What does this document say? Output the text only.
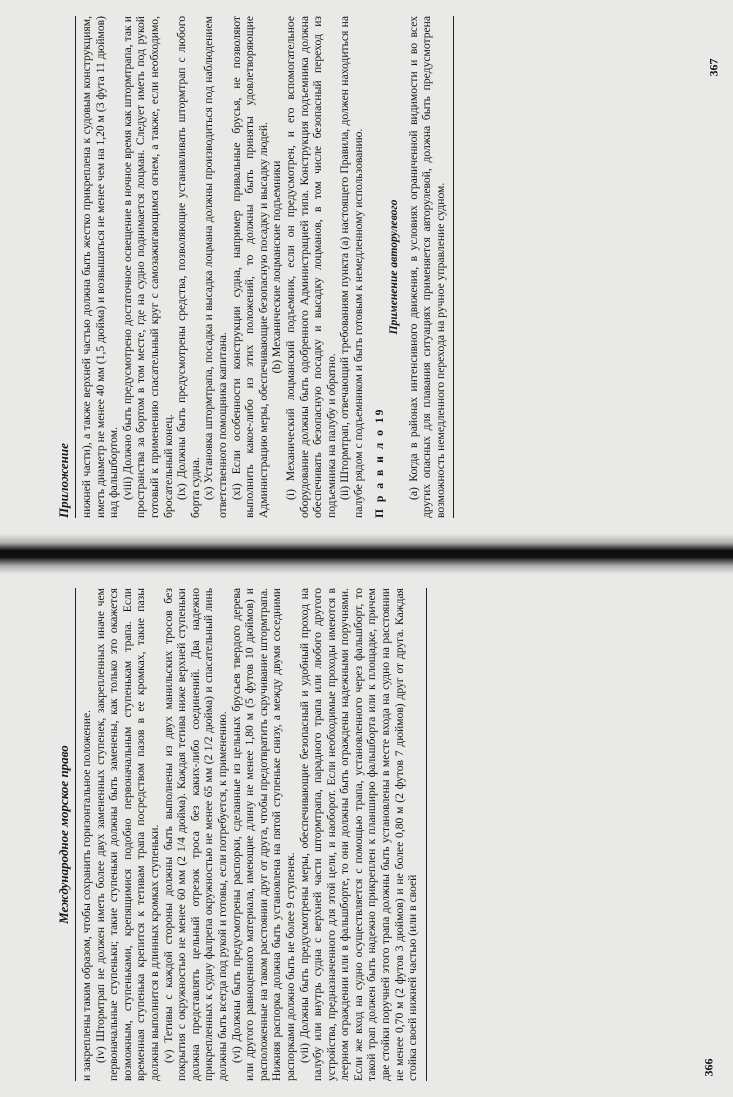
Приложение нижней части), а также верхней частью должна быть жестко прикреплена к судовым конструкциям, иметь диаметр не менее 40 мм (1,5 дюйма) и возвышаться не менее чем на 1,20 м (3 фута 11 дюймов) над фальшбортом. (viii) Должно быть предусмотрено достаточное освещение в ночное время как штормтрапа, так и пространства за бортом в том месте, где на судно поднимается лоцман. Следует иметь под рукой готовый к применению спасательный круг с самозажигающимся огнем, а также, если необходимо, бросательный конец. (ix) Должны быть предусмотрены средства, позволяющие устанавливать штормтрап с любого борта судна. (x) Установка штормтрапа, посадка и высадка лоцмана должны производиться под наблюдением ответственного помощника капитана. (xi) Если особенности конструкции судна, например привальные брусья, не позволяют выполнить какое-либо из этих положений, то должны быть приняты удовлетворяющие Администрацию меры, обеспечивающие безопасную посадку и высадку людей. (b) Механические лоцманские подъемники (i) Механический лоцманский подъемник, если он предусмотрен, и его вспомогательное оборудование должны быть одобренного Администрацией типа. Конструкция подъемника должна обеспечивать безопасную посадку и высадку лоцманов, в том числе безопасный переход из подъемника на палубу и обратно. (ii) Штормтрап, отвечающий требованиям пункта (а) настоящего Правила, должен находиться на палубе рядом с подъемником и быть готовым к немедленному использованию. П р а в и л о 19

Применение авторулевого (а) Когда в районах интенсивного движения, в условиях ограниченной видимости и во всех других опасных для плавания ситуациях применяется авторулевой, должна быть предусмотрена возможность немедленного перехода на ручное управление судном.

Международное морское право и закреплены таким образом, чтобы сохранить горизонтальное положение. (iv) Штормтрап не должен иметь более двух замененных ступенек, закрепленных иначе чем первоначальные ступеньки; такие ступеньки должны быть заменены, как только это окажется возможным, ступеньками, крепящимися подобно первоначальным ступенькам трапа. Если временная ступенька крепится к тетивам трапа посредством пазов в ее кромках, такие пазы должны выполнится в длинных кромках ступеньки. (v) Тетивы с каждой стороны должны быть выполнены из двух манильских тросов без покрытия с окружностью не менее 60 мм (2 1/4 дюйма). Каждая тетива ниже верхней ступеньки должна представлять цельный отрезок троса без каких-либо соединений. Два надежно прикрепленных к судну фалрепа окружностью не менее 65 мм (2 1/2 дюйма) и спасательный линь должны быть всегда под рукой и готовы, если потребуется, к применению. (vi) Должны быть предусмотрены распорки, сделанные из цельных брусьев твердого дерева или другого равноценного материала, имеющие длину не менее 1,80 м (5 футов 10 дюймов) и расположенные на таком расстоянии друг от друга, чтобы предотвратить скручивание штормтрапа. Нижняя распорка должна быть установлена на пятой ступеньке снизу, а между двумя соседними распорками должно быть не более 9 ступенек. (vii) Должны быть предусмотрены меры, обеспечивающие безопасный и удобный проход на палубу или внутрь судна с верхней части штормтрапа, парадного трапа или любого другого устройства, предназначенного для этой цели, и наоборот. Если необходимые проходы имеются в леерном ограждении или в фальшборте, то они должны быть ограждены надежными поручнями. Если же вход на судно осуществляется с помощью трапа, установленного через фальшборт, то такой трап должен быть надежно прикреплен к планширю фальшборта или к площадке, причем две стойки поручней этого трапа должны быть установлены в месте входа на судно на расстоянии не менее 0,70 м (2 футов 3 дюймов) и не более 0,80 м (2 футов 7 дюймов) друг от друга. Каждая стойка своей нижней частью (или в своей

367
366
